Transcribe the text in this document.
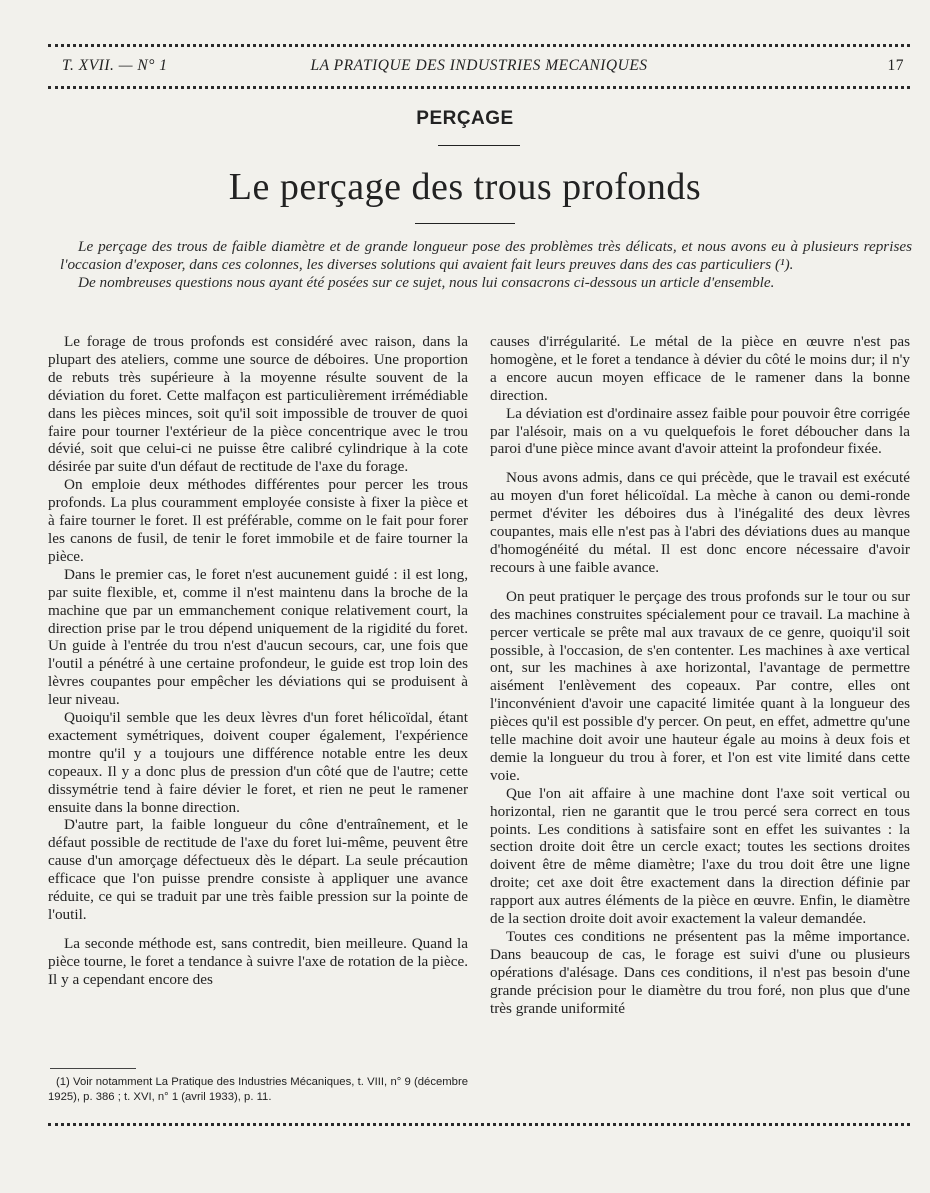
T. XVII. — N° 1	LA PRATIQUE DES INDUSTRIES MECANIQUES	17
PERÇAGE
Le perçage des trous profonds

Le perçage des trous de faible diamètre et de grande longueur pose des problèmes très délicats, et nous avons eu à plusieurs reprises l'occasion d'exposer, dans ces colonnes, les diverses solutions qui avaient fait leurs preuves dans des cas particuliers (¹).

De nombreuses questions nous ayant été posées sur ce sujet, nous lui consacrons ci-dessous un article d'ensemble.

Le forage de trous profonds est considéré avec raison, dans la plupart des ateliers, comme une source de déboires. Une proportion de rebuts très supérieure à la moyenne résulte souvent de la déviation du foret. Cette malfaçon est particulièrement irrémédiable dans les pièces minces, soit qu'il soit impossible de trouver de quoi faire pour tourner l'extérieur de la pièce concentrique avec le trou dévié, soit que celui-ci ne puisse être calibré cylindrique à la cote désirée par suite d'un défaut de rectitude de l'axe du forage.

On emploie deux méthodes différentes pour percer les trous profonds. La plus couramment employée consiste à fixer la pièce et à faire tourner le foret. Il est préférable, comme on le fait pour forer les canons de fusil, de tenir le foret immobile et de faire tourner la pièce.

Dans le premier cas, le foret n'est aucunement guidé : il est long, par suite flexible, et, comme il n'est maintenu dans la broche de la machine que par un emmanchement conique relativement court, la direction prise par le trou dépend uniquement de la rigidité du foret. Un guide à l'entrée du trou n'est d'aucun secours, car, une fois que l'outil a pénétré à une certaine profondeur, le guide est trop loin des lèvres coupantes pour empêcher les déviations qui se produisent à leur niveau.

Quoiqu'il semble que les deux lèvres d'un foret hélicoïdal, étant exactement symétriques, doivent couper également, l'expérience montre qu'il y a toujours une différence notable entre les deux copeaux. Il y a donc plus de pression d'un côté que de l'autre; cette dissymétrie tend à faire dévier le foret, et rien ne peut le ramener ensuite dans la bonne direction.

D'autre part, la faible longueur du cône d'entraînement, et le défaut possible de rectitude de l'axe du foret lui-même, peuvent être cause d'un amorçage défectueux dès le départ. La seule précaution efficace que l'on puisse prendre consiste à appliquer une avance réduite, ce qui se traduit par une très faible pression sur la pointe de l'outil.

La seconde méthode est, sans contredit, bien meilleure. Quand la pièce tourne, le foret a tendance à suivre l'axe de rotation de la pièce. Il y a cependant encore des

(1) Voir notamment La Pratique des Industries Mécaniques, t. VIII, n° 9 (décembre 1925), p. 386 ; t. XVI, n° 1 (avril 1933), p. 11.

causes d'irrégularité. Le métal de la pièce en œuvre n'est pas homogène, et le foret a tendance à dévier du côté le moins dur; il n'y a encore aucun moyen efficace de le ramener dans la bonne direction.

La déviation est d'ordinaire assez faible pour pouvoir être corrigée par l'alésoir, mais on a vu quelquefois le foret déboucher dans la paroi d'une pièce mince avant d'avoir atteint la profondeur fixée.

Nous avons admis, dans ce qui précède, que le travail est exécuté au moyen d'un foret hélicoïdal. La mèche à canon ou demi-ronde permet d'éviter les déboires dus à l'inégalité des deux lèvres coupantes, mais elle n'est pas à l'abri des déviations dues au manque d'homogénéité du métal. Il est donc encore nécessaire d'avoir recours à une faible avance.

On peut pratiquer le perçage des trous profonds sur le tour ou sur des machines construites spécialement pour ce travail. La machine à percer verticale se prête mal aux travaux de ce genre, quoiqu'il soit possible, à l'occasion, de s'en contenter. Les machines à axe vertical ont, sur les machines à axe horizontal, l'avantage de permettre aisément l'enlèvement des copeaux. Par contre, elles ont l'inconvénient d'avoir une capacité limitée quant à la longueur des pièces qu'il est possible d'y percer. On peut, en effet, admettre qu'une telle machine doit avoir une hauteur égale au moins à deux fois et demie la longueur du trou à forer, et l'on est vite limité dans cette voie.

Que l'on ait affaire à une machine dont l'axe soit vertical ou horizontal, rien ne garantit que le trou percé sera correct en tous points. Les conditions à satisfaire sont en effet les suivantes : la section droite doit être un cercle exact; toutes les sections droites doivent être de même diamètre; l'axe du trou doit être une ligne droite; cet axe doit être exactement dans la direction définie par rapport aux autres éléments de la pièce en œuvre. Enfin, le diamètre de la section droite doit avoir exactement la valeur demandée.

Toutes ces conditions ne présentent pas la même importance. Dans beaucoup de cas, le forage est suivi d'une ou plusieurs opérations d'alésage. Dans ces conditions, il n'est pas besoin d'une grande précision pour le diamètre du trou foré, non plus que d'une très grande uniformité
